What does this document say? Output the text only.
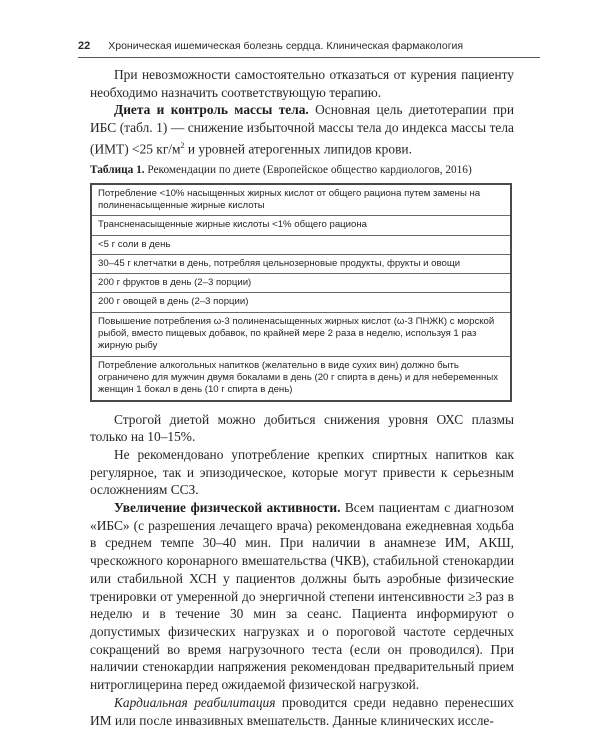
22 Хроническая ишемическая болезнь сердца. Клиническая фармакология

При невозможности самостоятельно отказаться от курения пациенту необходимо назначить соответствующую терапию.

Диета и контроль массы тела. Основная цель диетотерапии при ИБС (табл. 1) — снижение избыточной массы тела до индекса массы тела (ИМТ) <25 $кг/м^2$ и уровней атерогенных липидов крови.

Таблица 1. Рекомендации по диете (Европейское общество кардиологов, 2016)
Потребление <10% насыщенных жирных кислот от общего рациона путем замены на полиненасыщенные жирные кислоты
Трансненасыщенные жирные кислоты <1% общего рациона
<5 г соли в день
30–45 г клетчатки в день, потребляя цельнозерновые продукты, фрукты и овощи
200 г фруктов в день (2–3 порции)
200 г овощей в день (2–3 порции)
Повышение потребления ω-3 полиненасыщенных жирных кислот (ω-3 ПНЖК) с морской рыбой, вместо пищевых добавок, по крайней мере 2 раза в неделю, используя 1 раз жирную рыбу
Потребление алкогольных напитков (желательно в виде сухих вин) должно быть ограничено для мужчин двумя бокалами в день (20 г спирта в день) и для небеременных женщин 1 бокал в день (10 г спирта в день)

Строгой диетой можно добиться снижения уровня ОХС плазмы только на 10–15%.

Не рекомендовано употребление крепких спиртных напитков как регулярное, так и эпизодическое, которые могут привести к серьезным осложнениям ССЗ.

Увеличение физической активности. Всем пациентам с диагнозом «ИБС» (с разрешения лечащего врача) рекомендована ежедневная ходьба в среднем темпе 30–40 мин. При наличии в анамнезе ИМ, АКШ, чрескожного коронарного вмешательства (ЧКВ), стабильной стенокардии или стабильной ХСН у пациентов должны быть аэробные физические тренировки от умеренной до энергичной степени интенсивности ≥3 раз в неделю и в течение 30 мин за сеанс. Пациента информируют о допустимых физических нагрузках и о пороговой частоте сердечных сокращений во время нагрузочного теста (если он проводился). При наличии стенокардии напряжения рекомендован предварительный прием нитроглицерина перед ожидаемой физической нагрузкой.

Кардиальная реабилитация проводится среди недавно перенесших ИМ или после инвазивных вмешательств. Данные клинических иссле-
